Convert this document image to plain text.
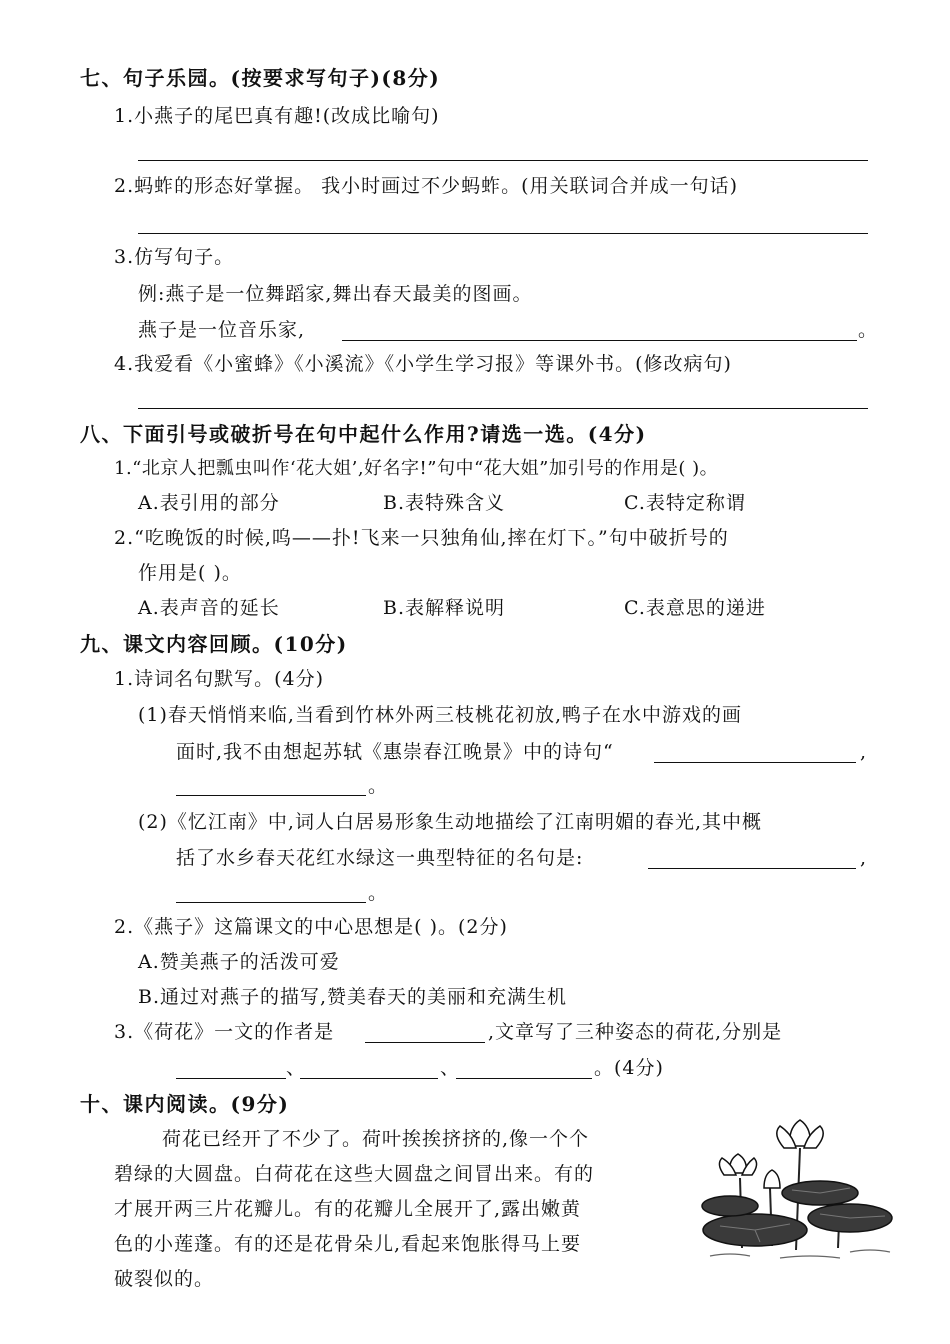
七、句子乐园。(按要求写句子)(8分)
1.小燕子的尾巴真有趣!(改成比喻句)
2.蚂蚱的形态好掌握。 我小时画过不少蚂蚱。(用关联词合并成一句话)
3.仿写句子。
例:燕子是一位舞蹈家,舞出春天最美的图画。
燕子是一位音乐家,	。
4.我爱看《小蜜蜂》《小溪流》《小学生学习报》等课外书。(修改病句)
八、下面引号或破折号在句中起什么作用?请选一选。(4分)
1.“北京人把瓢虫叫作‘花大姐’,好名字!”句中“花大姐”加引号的作用是( )。
A.表引用的部分	B.表特殊含义	C.表特定称谓
2.“吃晚饭的时候,呜——扑!飞来一只独角仙,摔在灯下。”句中破折号的
作用是( )。
A.表声音的延长	B.表解释说明	C.表意思的递进
九、课文内容回顾。(10分)
1.诗词名句默写。(4分)
(1)春天悄悄来临,当看到竹林外两三枝桃花初放,鸭子在水中游戏的画
面时,我不由想起苏轼《惠崇春江晚景》中的诗句“	,
。
(2)《忆江南》中,词人白居易形象生动地描绘了江南明媚的春光,其中概
括了水乡春天花红水绿这一典型特征的名句是:	,
。
2.《燕子》这篇课文的中心思想是( )。(2分)
A.赞美燕子的活泼可爱
B.通过对燕子的描写,赞美春天的美丽和充满生机
3.《荷花》一文的作者是	,文章写了三种姿态的荷花,分别是
、	、	。(4分)
十、课内阅读。(9分)
荷花已经开了不少了。荷叶挨挨挤挤的,像一个个
碧绿的大圆盘。白荷花在这些大圆盘之间冒出来。有的
才展开两三片花瓣儿。有的花瓣儿全展开了,露出嫩黄
色的小莲蓬。有的还是花骨朵儿,看起来饱胀得马上要
破裂似的。
